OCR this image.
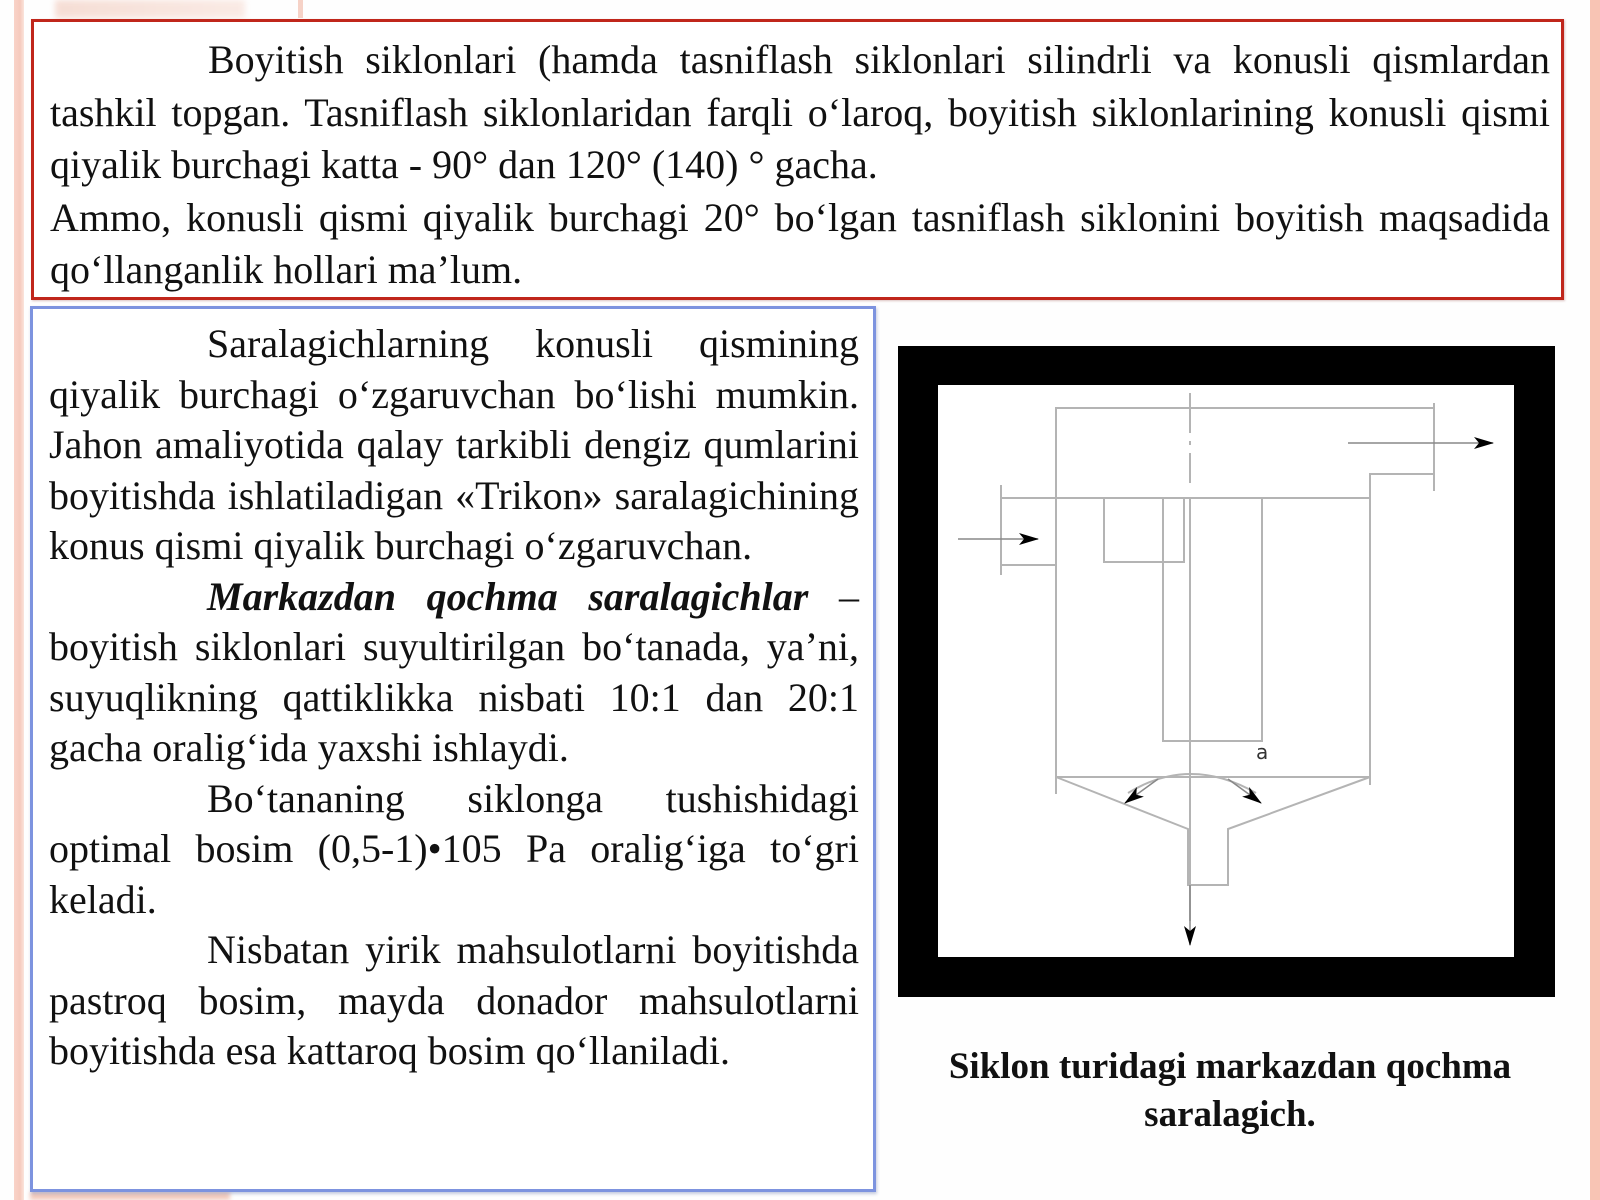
Boyitish siklonlari (hamda tasniflash siklonlari silindrli va konusli qismlardan tashkil topgan. Tasniflash siklonlaridan farqli o‘laroq, boyitish siklonlarining konusli qismi qiyalik burchagi katta - 90° dan 120° (140) ° gacha.

Ammo, konusli qismi qiyalik burchagi 20° bo‘lgan tasniflash siklonini boyitish maqsadida qo‘llanganlik hollari ma’lum.

Saralagichlarning konusli qismining qiyalik burchagi o‘zgaruvchan bo‘lishi mumkin. Jahon amaliyotida qalay tarkibli dengiz qumlarini boyitishda ishlatiladigan «Trikon» saralagichining konus qismi qiyalik burchagi o‘zgaruvchan.

Markazdan qochma saralagichlar – boyitish siklonlari suyultirilgan bo‘tanada, ya’ni, suyuqlikning qattiklikka nisbati 10:1 dan 20:1 gacha oralig‘ida yaxshi ishlaydi.

Bo‘tananing siklonga tushishidagi optimal bosim (0,5-1)•105 Pa oralig‘iga to‘gri keladi.

Nisbatan yirik mahsulotlarni boyitishda pastroq bosim, mayda donador mahsulotlarni boyitishda esa kattaroq bosim qo‘llaniladi.

a
Siklon turidagi markazdan qochma saralagich.
